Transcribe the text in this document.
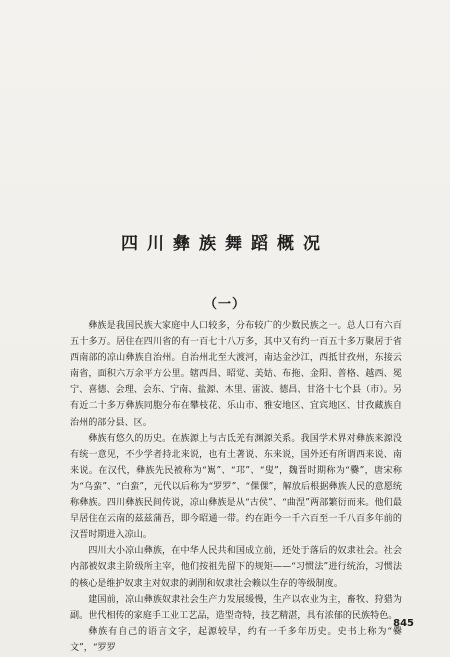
四川彝族舞蹈概况
（一）

彝族是我国民族大家庭中人口较多，分布较广的少数民族之一。总人口有六百五十多万。居住在四川省的有一百七十八万多，其中又有约一百五十多万聚居于省西南部的凉山彝族自治州。自治州北至大渡河，南达金沙江，西抵甘孜州，东接云南省，面积六万余平方公里。辖西昌、昭觉、美姑、布拖、金阳、普格、越西、冕宁、喜德、会理、会东、宁南、盐源、木里、雷波、德昌、甘洛十七个县（市）。另有近二十多万彝族同胞分布在攀枝花、乐山市、雅安地区、宜宾地区、甘孜藏族自治州的部分县、区。

彝族有悠久的历史。在族源上与古氐羌有渊源关系。我国学术界对彝族来源没有统一意见，不少学者持北来说，也有土著说、东来说，国外还有所谓西来说、南来说。在汉代，彝族先民被称为“嶲”、“邛”、“叟”，魏晋时期称为“爨”，唐宋称为“乌蛮”、“白蛮”，元代以后称为“罗罗”、“倮倮”，解放后根据彝族人民的意愿统称彝族。四川彝族民间传说，凉山彝族是从“古侯”、“曲涅”两部繁衍而来。他们最早居住在云南的兹兹蒲吾，即今昭通一带。约在距今一千六百至一千八百多年前的汉晋时期进入凉山。

四川大小凉山彝族，在中华人民共和国成立前，还处于落后的奴隶社会。社会内部被奴隶主阶级所主宰，他们按祖先留下的规矩——“习惯法”进行统治，习惯法的核心是维护奴隶主对奴隶的剥削和奴隶社会赖以生存的等级制度。

建国前，凉山彝族奴隶社会生产力发展缓慢，生产以农业为主，畜牧、狩猎为副。世代相传的家庭手工业工艺品，造型奇特，技艺精湛，具有浓郁的民族特色。

彝族有自己的语言文字，起源较早，约有一千多年历史。史书上称为“爨文”，“罗罗

845
